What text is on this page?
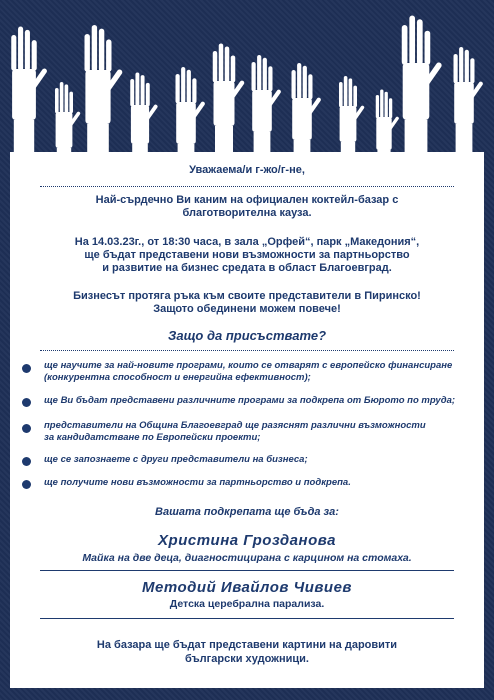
Уважаема/и г-жо/г-не,
Най-сърдечно Ви каним на официален коктейл-базар с
благотворителна кауза.
На 14.03.23г., от 18:30 часа, в зала „Орфей“, парк „Македония“,
ще бъдат представени нови възможности за партньорство
и развитие на бизнес средата в област Благоевград.
Бизнесът протяга ръка към своите представители в Пиринско!
Защото обединени можем повече!
Защо да присъствате?
ще научите за най-новите програми, които се отварят с европейско финансиране
(конкурентна способност и енергийна ефективност);
ще Ви бъдат представени различните програми за подкрепа от Бюрото по труда;
представители на Община Благоевград ще разяснят различни възможности
за кандидатстване по Европейски проекти;
ще се запознаете с други представители на бизнеса;
ще получите нови възможности за партньорство и подкрепа.
Вашата подкрепата ще бъда за:
Христина Грозданова
Майка на две деца, диагностицирана с карцином на стомаха.
Методий Ивайлов Чивиев
Детска церебрална парализа.
На базара ще бъдат представени картини на даровити
български художници.
